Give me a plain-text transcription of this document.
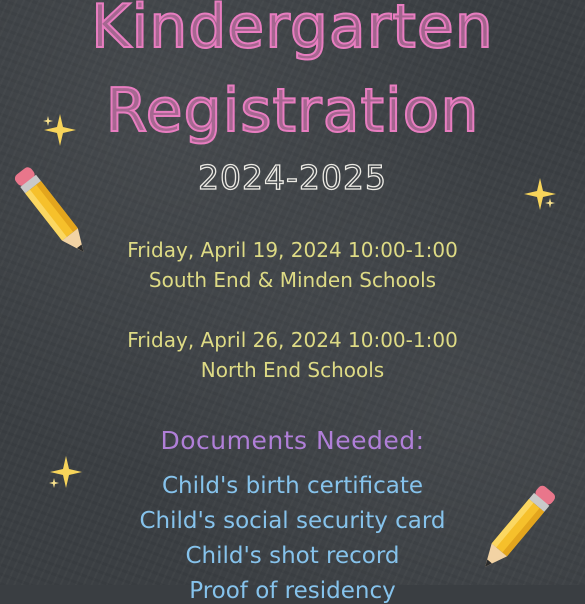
Kindergarten
Registration
2024-2025
Friday, April 19, 2024 10:00-1:00
South End & Minden Schools
Friday, April 26, 2024 10:00-1:00
North End Schools
Documents Needed:
Child's birth certificate
Child's social security card
Child's shot record
Proof of residency
